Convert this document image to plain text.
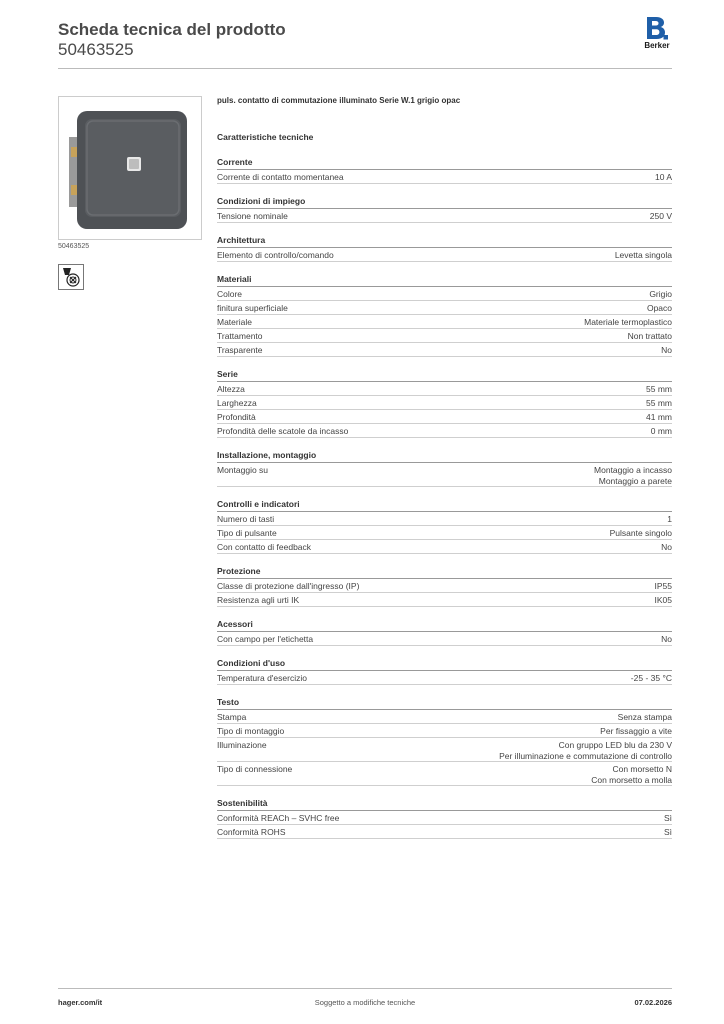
Scheda tecnica del prodotto
50463525	Berker
50463525
puls. contatto di commutazione illuminato Serie W.1 grigio opac
Caratteristiche tecniche
Corrente
Corrente di contatto momentanea	10 A
Condizioni di impiego
Tensione nominale	250 V
Architettura
Elemento di controllo/comando	Levetta singola
Materiali
Colore	Grigio
finitura superficiale	Opaco
Materiale	Materiale termoplastico
Trattamento	Non trattato
Trasparente	No
Serie
Altezza	55 mm
Larghezza	55 mm
Profondità	41 mm
Profondità delle scatole da incasso	0 mm
Installazione, montaggio
Montaggio su	Montaggio a incasso
Montaggio a parete
Controlli e indicatori
Numero di tasti	1
Tipo di pulsante	Pulsante singolo
Con contatto di feedback	No
Protezione
Classe di protezione dall'ingresso (IP)	IP55
Resistenza agli urti IK	IK05
Acessori
Con campo per l'etichetta	No
Condizioni d'uso
Temperatura d'esercizio	-25 - 35 °C
Testo
Stampa	Senza stampa
Tipo di montaggio	Per fissaggio a vite
Illuminazione	Con gruppo LED blu da 230 V
Per illuminazione e commutazione di controllo
Tipo di connessione	Con morsetto N
Con morsetto a molla
Sostenibilità
Conformità REACh – SVHC free	Sì
Conformità ROHS	Sì
hager.com/it	Soggetto a modifiche tecniche	07.02.2026
